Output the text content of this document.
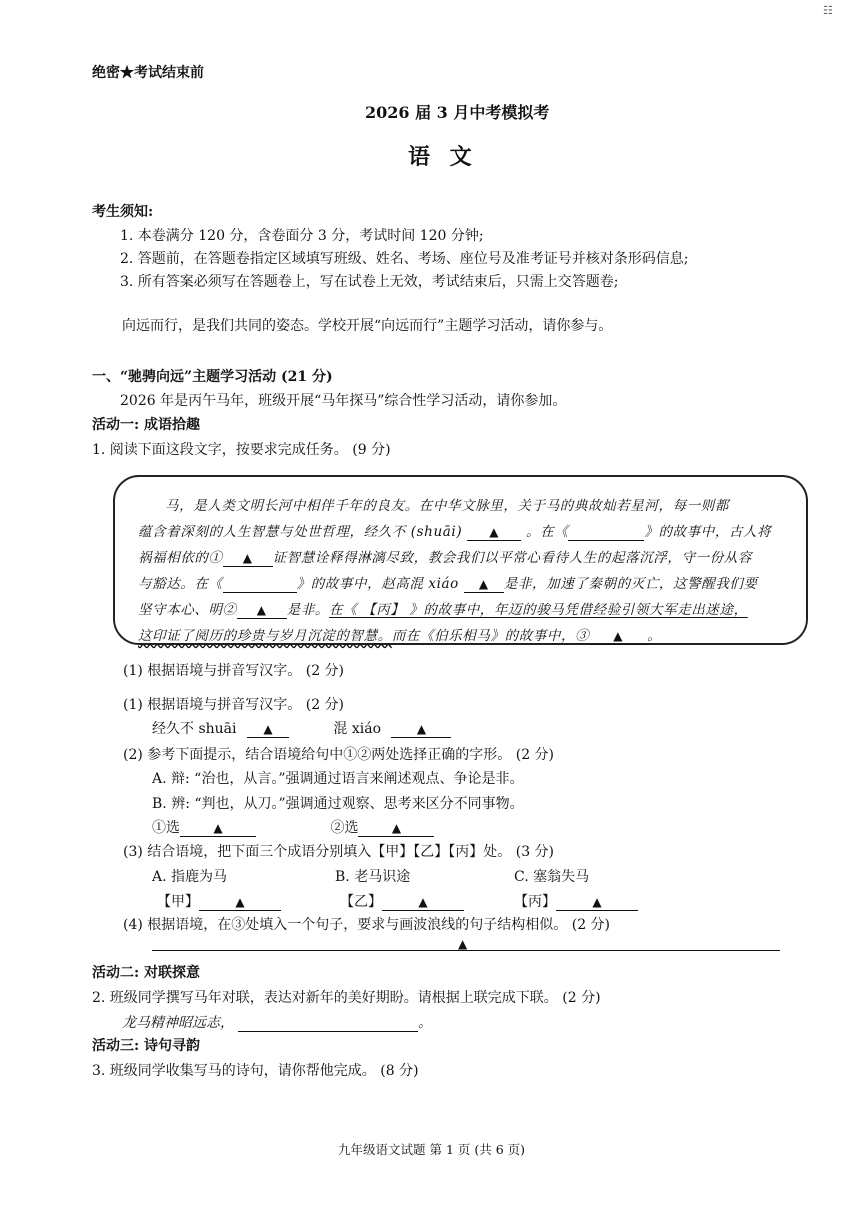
绝密★考试结束前
☷
2026 届 3 月中考模拟考
语 文
考生须知:
1. 本卷满分 120 分，含卷面分 3 分，考试时间 120 分钟;
2. 答题前，在答题卷指定区域填写班级、姓名、考场、座位号及准考证号并核对条形码信息;
3. 所有答案必须写在答题卷上，写在试卷上无效，考试结束后，只需上交答题卷;
向远而行，是我们共同的姿态。学校开展“向远而行”主题学习活动，请你参与。
一、“驰骋向远”主题学习活动 (21 分)
2026 年是丙午马年，班级开展“马年探马”综合性学习活动，请你参加。
活动一: 成语拾趣
1. 阅读下面这段文字，按要求完成任务。 (9 分)
马，是人类文明长河中相伴千年的良友。在中华文脉里，关于马的典故灿若星河，每一则都
蕴含着深刻的人生智慧与处世哲理，经久不 (shuāi) ▲ 。在《	》的故事中，古人将
祸福相依的① ▲ 证智慧诠释得淋漓尽致，教会我们以平常心看待人生的起落沉浮，守一份从容
与豁达。在《	》的故事中，赵高混 xiáo ▲ 是非，加速了秦朝的灭亡，这警醒我们要
坚守本心、明② ▲ 是非。在《 【丙】 》的故事中，年迈的骏马凭借经验引领大军走出迷途，
这印证了阅历的珍贵与岁月沉淀的智慧。而在《伯乐相马》的故事中，③ ▲ 。
(1) 根据语境与拼音写汉字。 (2 分)
(1) 根据语境与拼音写汉字。 (2 分)
经久不 shuāi ▲	混 xiáo	▲
(2) 参考下面提示，结合语境给句中①②两处选择正确的字形。 (2 分)
A. 辩: “治也，从言。”强调通过语言来阐述观点、争论是非。
B. 辨: “判也，从刀。”强调通过观察、思考来区分不同事物。
①选	▲	②选	▲
(3) 结合语境，把下面三个成语分别填入【甲】【乙】【丙】处。 (3 分)
A. 指鹿为马	B. 老马识途	C. 塞翁失马
【甲】	▲	【乙】	▲	【丙】	▲
(4) 根据语境，在③处填入一个句子，要求与画波浪线的句子结构相似。 (2 分)
▲
活动二: 对联探意
2. 班级同学撰写马年对联，表达对新年的美好期盼。请根据上联完成下联。 (2 分)
龙马精神昭远志，	。
活动三: 诗句寻韵
3. 班级同学收集写马的诗句，请你帮他完成。 (8 分)
九年级语文试题 第 1 页 (共 6 页)
